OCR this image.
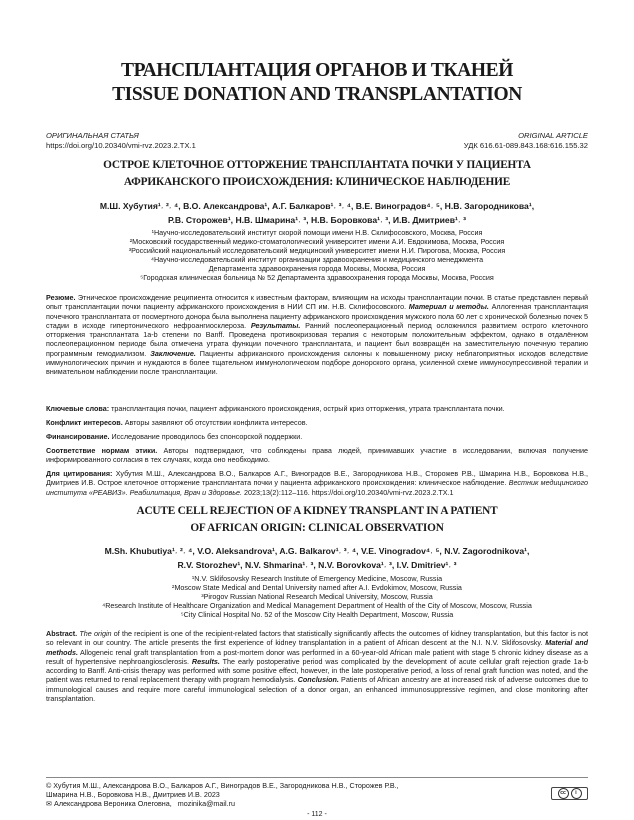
ТРАНСПЛАНТАЦИЯ ОРГАНОВ И ТКАНЕЙ
TISSUE DONATION AND TRANSPLANTATION
ОРИГИНАЛЬНАЯ СТАТЬЯ	ORIGINAL ARTICLE
https://doi.org/10.20340/vmi-rvz.2023.2.TX.1	УДК 616.61-089.843.168:616.155.32
ОСТРОЕ КЛЕТОЧНОЕ ОТТОРЖЕНИЕ ТРАНСПЛАНТАТА ПОЧКИ У ПАЦИЕНТА
АФРИКАНСКОГО ПРОИСХОЖДЕНИЯ: КЛИНИЧЕСКОЕ НАБЛЮДЕНИЕ
М.Ш. Хубутия¹˒ ²˒ ⁴, В.О. Александрова¹, А.Г. Балкаров¹˒ ³˒ ⁴, В.Е. Виноградов⁴˒ ⁵, Н.В. Загородникова¹,
Р.В. Сторожев¹, Н.В. Шмарина¹˒ ³, Н.В. Боровкова¹˒ ³, И.В. Дмитриев¹˒ ³
¹Научно-исследовательский институт скорой помощи имени Н.В. Склифосовского, Москва, Россия
²Московский государственный медико-стоматологический университет имени А.И. Евдокимова, Москва, Россия
³Российский национальный исследовательский медицинский университет имени Н.И. Пирогова, Москва, Россия
⁴Научно-исследовательский институт организации здравоохранения и медицинского менеджмента
Департамента здравоохранения города Москвы, Москва, Россия
⁵Городская клиническая больница № 52 Департамента здравоохранения города Москвы, Москва, Россия
Резюме. Этническое происхождение реципиента относится к известным факторам, влияющим на исходы трансплантации почки. В статье представлен первый опыт трансплантации почки пациенту африканского происхождения в НИИ СП им. Н.В. Склифосовского. Материал и методы. Аллогенная трансплантация почечного трансплантата от посмертного донора была выполнена пациенту африканского происхождения мужского пола 60 лет с хронической болезнью почек 5 стадии в исходе гипертонического нефроангиосклероза. Результаты. Ранний послеоперационный период осложнился развитием острого клеточного отторжения трансплантата 1а-b степени по Banff. Проведена противокризовая терапия с некоторым положительным эффектом, однако в отдалённом послеоперационном периоде была отмечена утрата функции почечного трансплантата, и пациент был возвращён на заместительную почечную терапию программным гемодиализом. Заключение. Пациенты африканского происхождения склонны к повышенному риску неблагоприятных исходов вследствие иммунологических причин и нуждаются в более тщательном иммунологическом подборе донорского органа, усиленной схеме иммуносупрессивной терапии и внимательном наблюдении после трансплантации.
Ключевые слова: трансплантация почки, пациент африканского происхождения, острый криз отторжения, утрата трансплантата почки.
Конфликт интересов. Авторы заявляют об отсутствии конфликта интересов.
Финансирование. Исследование проводилось без спонсорской поддержки.
Соответствие нормам этики. Авторы подтверждают, что соблюдены права людей, принимавших участие в исследовании, включая получение информированного согласия в тех случаях, когда оно необходимо.
Для цитирования: Хубутия М.Ш., Александрова В.О., Балкаров А.Г., Виноградов В.Е., Загородникова Н.В., Сторожев Р.В., Шмарина Н.В., Боровкова Н.В., Дмитриев И.В. Острое клеточное отторжение трансплантата почки у пациента африканского происхождения: клиническое наблюдение. Вестник медицинского института «РЕАВИЗ». Реабилитация, Врач и Здоровье. 2023;13(2):112–116. https://doi.org/10.20340/vmi-rvz.2023.2.TX.1
ACUTE CELL REJECTION OF A KIDNEY TRANSPLANT IN A PATIENT
OF AFRICAN ORIGIN: CLINICAL OBSERVATION
M.Sh. Khubutiya¹˒ ²˒ ⁴, V.O. Aleksandrova¹, A.G. Balkarov¹˒ ³˒ ⁴, V.E. Vinogradov⁴˒ ⁵, N.V. Zagorodnikova¹,
R.V. Storozhev¹, N.V. Shmarina¹˒ ³, N.V. Borovkova¹˒ ³, I.V. Dmitriev¹˒ ³
¹N.V. Sklifosovsky Research Institute of Emergency Medicine, Moscow, Russia
²Moscow State Medical and Dental University named after A.I. Evdokimov, Moscow, Russia
³Pirogov Russian National Research Medical University, Moscow, Russia
⁴Research Institute of Healthcare Organization and Medical Management Department of Health of the City of Moscow, Moscow, Russia
⁵City Clinical Hospital No. 52 of the Moscow City Health Department, Moscow, Russia
Abstract. The origin of the recipient is one of the recipient-related factors that statistically significantly affects the outcomes of kidney transplantation, but this factor is not so relevant in our country. The article presents the first experience of kidney transplantation in a patient of African descent at the N.I. N.V. Sklifosovsky. Material and methods. Allogeneic renal graft transplantation from a post-mortem donor was performed in a 60-year-old African male patient with stage 5 chronic kidney disease as a result of hypertensive nephroangiosclerosis. Results. The early postoperative period was complicated by the development of acute cellular graft rejection grade 1a-b according to Banff. Anti-crisis therapy was performed with some positive effect, however, in the late postoperative period, a loss of renal graft function was noted, and the patient was returned to renal replacement therapy with program hemodialysis. Conclusion. Patients of African ancestry are at increased risk of adverse outcomes due to immunological causes and require more careful immunological selection of a donor organ, an enhanced immunosuppressive regimen, and close monitoring after transplantation.
© Хубутия М.Ш., Александрова В.О., Балкаров А.Г., Виноградов В.Е., Загородникова Н.В., Сторожев Р.В.,
Шмарина Н.В., Боровкова Н.В., Дмитриев И.В. 2023
✉ Александрова Вероника Олеговна, mozinika@mail.ru
cc	i
- 112 -
